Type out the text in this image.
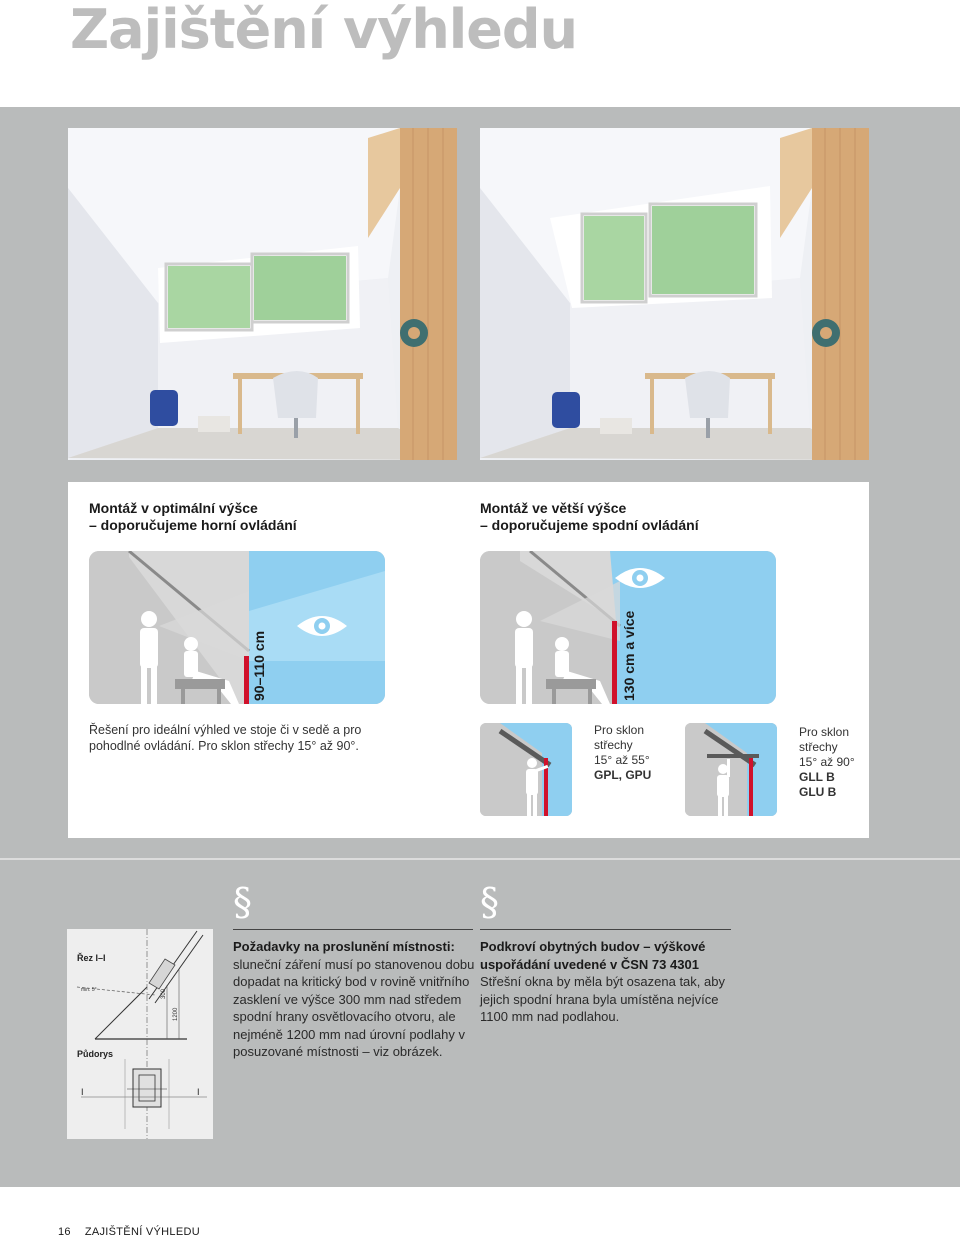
Zajištění výhledu
Montáž v optimální výšce
– doporučujeme horní ovládání
Montáž ve větší výšce
– doporučujeme spodní ovládání
90–110 cm	130 cm a více
Řešení pro ideální výhled ve stoje či v sedě a pro pohodlné ovládání. Pro sklon střechy 15° až 90°.
Pro sklon
střechy
15° až 55°
GPL, GPU
Pro sklon
střechy
15° až 90°
GLL B
GLU B
§	§
Řez I–I
Půdorys
1200
300
min. 5°
I	I
Požadavky na proslunění místnosti: sluneční záření musí po stanovenou dobu dopadat na kritický bod v rovině vnitřního zasklení ve výšce 300 mm nad středem spodní hrany osvětlovacího otvoru, ale nejméně 1200 mm nad úrovní podlahy v posuzované místnosti – viz obrázek.
Podkroví obytných budov – výškové uspořádání uvedené v ČSN 73 4301
Střešní okna by měla být osazena tak, aby jejich spodní hrana byla umístěna nejvíce 1100 mm nad podlahou.
16 ZAJIŠTĚNÍ VÝHLEDU
